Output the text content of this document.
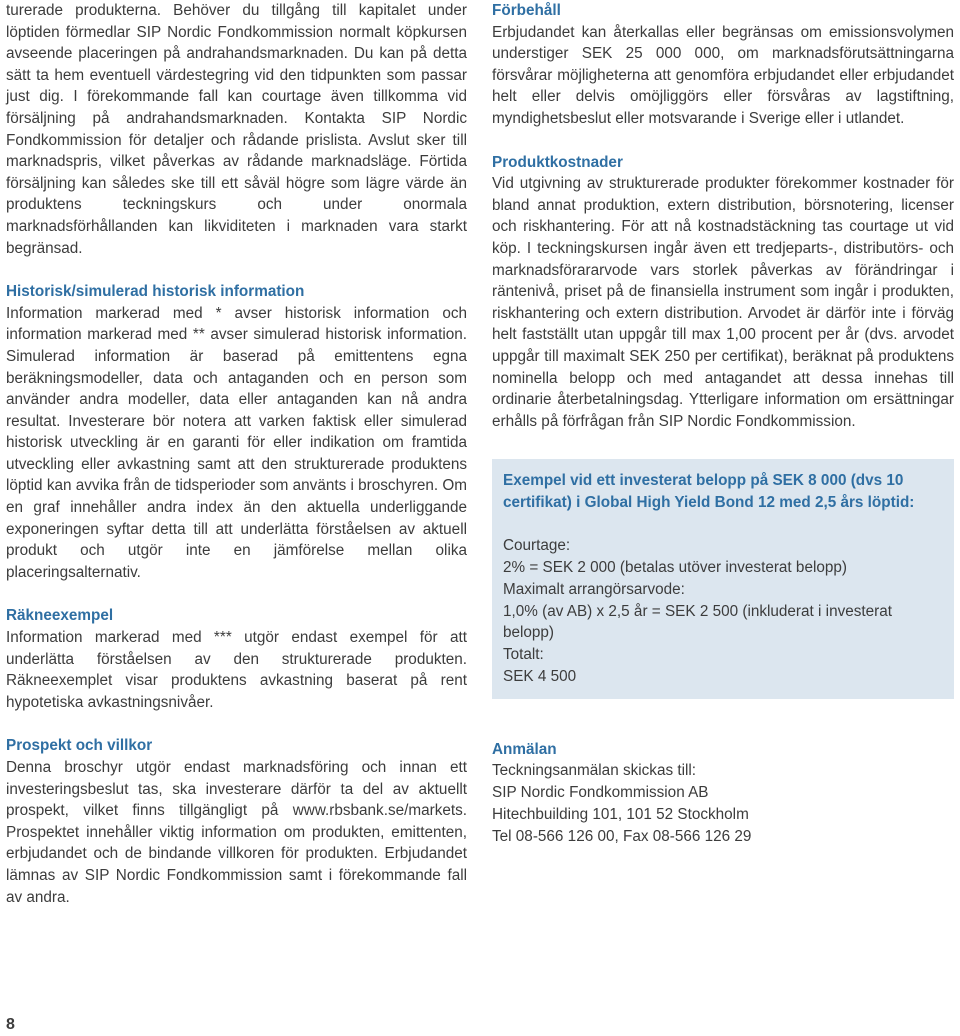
turerade produkterna. Behöver du tillgång till kapitalet under löptiden förmedlar SIP Nordic Fondkommission normalt köpkursen avseende placeringen på andrahandsmarknaden. Du kan på detta sätt ta hem eventuell värdestegring vid den tidpunkten som passar just dig. I förekommande fall kan courtage även tillkomma vid försäljning på andrahandsmarknaden. Kontakta SIP Nordic Fondkommission för detaljer och rådande prislista. Avslut sker till marknadspris, vilket påverkas av rådande marknadsläge. Förtida försäljning kan således ske till ett såväl högre som lägre värde än produktens teckningskurs och under onormala marknadsförhållanden kan likviditeten i marknaden vara starkt begränsad.

Historisk/simulerad historisk information

Information markerad med * avser historisk information och information markerad med ** avser simulerad historisk information. Simulerad information är baserad på emittentens egna beräkningsmodeller, data och antaganden och en person som använder andra modeller, data eller antaganden kan nå andra resultat. Investerare bör notera att varken faktisk eller simulerad historisk utveckling är en garanti för eller indikation om framtida utveckling eller avkastning samt att den strukturerade produktens löptid kan avvika från de tidsperioder som använts i broschyren. Om en graf innehåller andra index än den aktuella underliggande exponeringen syftar detta till att underlätta förståelsen av aktuell produkt och utgör inte en jämförelse mellan olika placeringsalternativ.

Räkneexempel

Information markerad med *** utgör endast exempel för att underlätta förståelsen av den strukturerade produkten. Räkneexemplet visar produktens avkastning baserat på rent hypotetiska avkastningsnivåer.

Prospekt och villkor

Denna broschyr utgör endast marknadsföring och innan ett investeringsbeslut tas, ska investerare därför ta del av aktuellt prospekt, vilket finns tillgängligt på www.rbsbank.se/markets. Prospektet innehåller viktig information om produkten, emittenten, erbjudandet och de bindande villkoren för produkten. Erbjudandet lämnas av SIP Nordic Fondkommission samt i förekommande fall av andra.

Förbehåll

Erbjudandet kan återkallas eller begränsas om emissionsvolymen understiger SEK 25 000 000, om marknadsförutsättningarna försvårar möjligheterna att genomföra erbjudandet eller erbjudandet helt eller delvis omöjliggörs eller försvåras av lagstiftning, myndighetsbeslut eller motsvarande i Sverige eller i utlandet.

Produktkostnader

Vid utgivning av strukturerade produkter förekommer kostnader för bland annat produktion, extern distribution, börsnotering, licenser och riskhantering. För att nå kostnadstäckning tas courtage ut vid köp. I teckningskursen ingår även ett tredjeparts-, distributörs- och marknadsförararvode vars storlek påverkas av förändringar i räntenivå, priset på de finansiella instrument som ingår i produkten, riskhantering och extern distribution. Arvodet är därför inte i förväg helt fastställt utan uppgår till max 1,00 procent per år (dvs. arvodet uppgår till maximalt SEK 250 per certifikat), beräknat på produktens nominella belopp och med antagandet att dessa innehas till ordinarie återbetalningsdag. Ytterligare information om ersättningar erhålls på förfrågan från SIP Nordic Fondkommission.

Exempel vid ett investerat belopp på SEK 8 000 (dvs 10 certifikat) i Global High Yield Bond 12 med 2,5 års löptid:

Courtage:

2% = SEK 2 000 (betalas utöver investerat belopp)

Maximalt arrangörsarvode:

1,0% (av AB) x 2,5 år = SEK 2 500 (inkluderat i investerat belopp)

Totalt:

SEK 4 500

Anmälan

Teckningsanmälan skickas till:

SIP Nordic Fondkommission AB

Hitechbuilding 101, 101 52 Stockholm

Tel 08-566 126 00, Fax 08-566 126 29

8
